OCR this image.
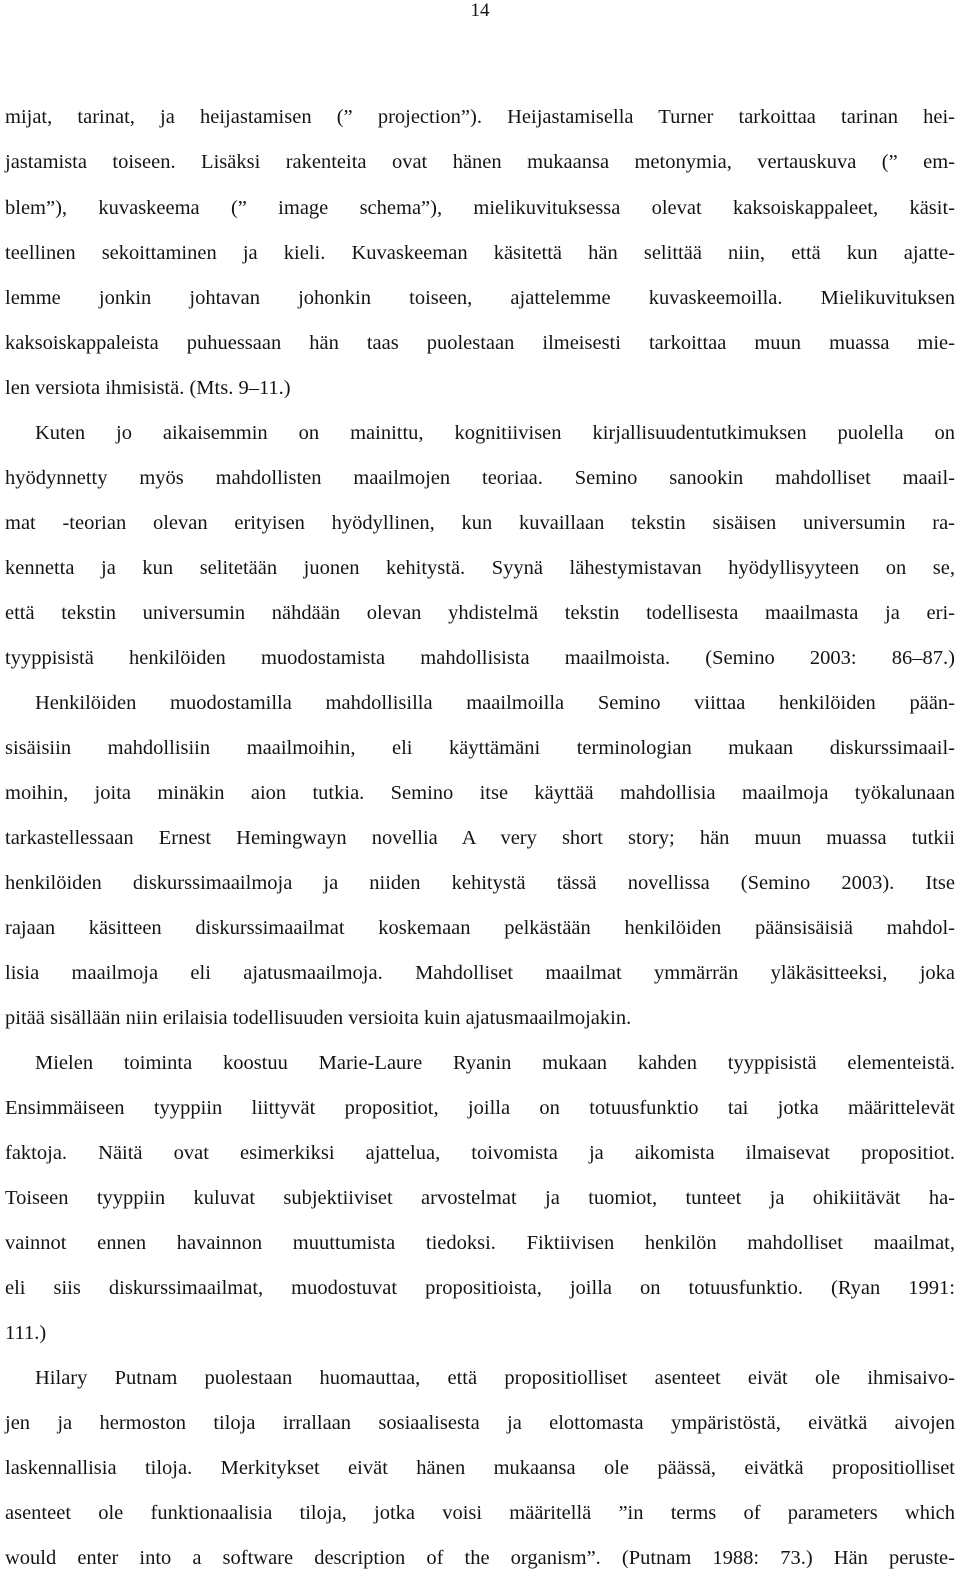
14
mijat, tarinat, ja heijastamisen (” projection”). Heijastamisella Turner tarkoittaa tarinan hei-
jastamista toiseen. Lisäksi rakenteita ovat hänen mukaansa metonymia, vertauskuva (” em-
blem”), kuvaskeema (” image schema”), mielikuvituksessa olevat kaksoiskappaleet, käsit-
teellinen sekoittaminen ja kieli. Kuvaskeeman käsitettä hän selittää niin, että kun ajatte-
lemme jonkin johtavan johonkin toiseen, ajattelemme kuvaskeemoilla. Mielikuvituksen
kaksoiskappaleista puhuessaan hän taas puolestaan ilmeisesti tarkoittaa muun muassa mie-
len versiota ihmisistä. (Mts. 9–11.)
Kuten jo aikaisemmin on mainittu, kognitiivisen kirjallisuudentutkimuksen puolella on
hyödynnetty myös mahdollisten maailmojen teoriaa. Semino sanookin mahdolliset maail-
mat -teorian olevan erityisen hyödyllinen, kun kuvaillaan tekstin sisäisen universumin ra-
kennetta ja kun selitetään juonen kehitystä. Syynä lähestymistavan hyödyllisyyteen on se,
että tekstin universumin nähdään olevan yhdistelmä tekstin todellisesta maailmasta ja eri-
tyyppisistä henkilöiden muodostamista mahdollisista maailmoista. (Semino 2003: 86–87.)
Henkilöiden muodostamilla mahdollisilla maailmoilla Semino viittaa henkilöiden pään-
sisäisiin mahdollisiin maailmoihin, eli käyttämäni terminologian mukaan diskurssimaail-
moihin, joita minäkin aion tutkia. Semino itse käyttää mahdollisia maailmoja työkalunaan
tarkastellessaan Ernest Hemingwayn novellia A very short story; hän muun muassa tutkii
henkilöiden diskurssimaailmoja ja niiden kehitystä tässä novellissa (Semino 2003). Itse
rajaan käsitteen diskurssimaailmat koskemaan pelkästään henkilöiden päänsisäisiä mahdol-
lisia maailmoja eli ajatusmaailmoja. Mahdolliset maailmat ymmärrän yläkäsitteeksi, joka
pitää sisällään niin erilaisia todellisuuden versioita kuin ajatusmaailmojakin.
Mielen toiminta koostuu Marie-Laure Ryanin mukaan kahden tyyppisistä elementeistä.
Ensimmäiseen tyyppiin liittyvät propositiot, joilla on totuusfunktio tai jotka määrittelevät
faktoja. Näitä ovat esimerkiksi ajattelua, toivomista ja aikomista ilmaisevat propositiot.
Toiseen tyyppiin kuluvat subjektiiviset arvostelmat ja tuomiot, tunteet ja ohikiitävät ha-
vainnot ennen havainnon muuttumista tiedoksi. Fiktiivisen henkilön mahdolliset maailmat,
eli siis diskurssimaailmat, muodostuvat propositioista, joilla on totuusfunktio. (Ryan 1991:
111.)
Hilary Putnam puolestaan huomauttaa, että propositiolliset asenteet eivät ole ihmisaivo-
jen ja hermoston tiloja irrallaan sosiaalisesta ja elottomasta ympäristöstä, eivätkä aivojen
laskennallisia tiloja. Merkitykset eivät hänen mukaansa ole päässä, eivätkä propositiolliset
asenteet ole funktionaalisia tiloja, jotka voisi määritellä ”in terms of parameters which
would enter into a software description of the organism”. (Putnam 1988: 73.) Hän peruste-
